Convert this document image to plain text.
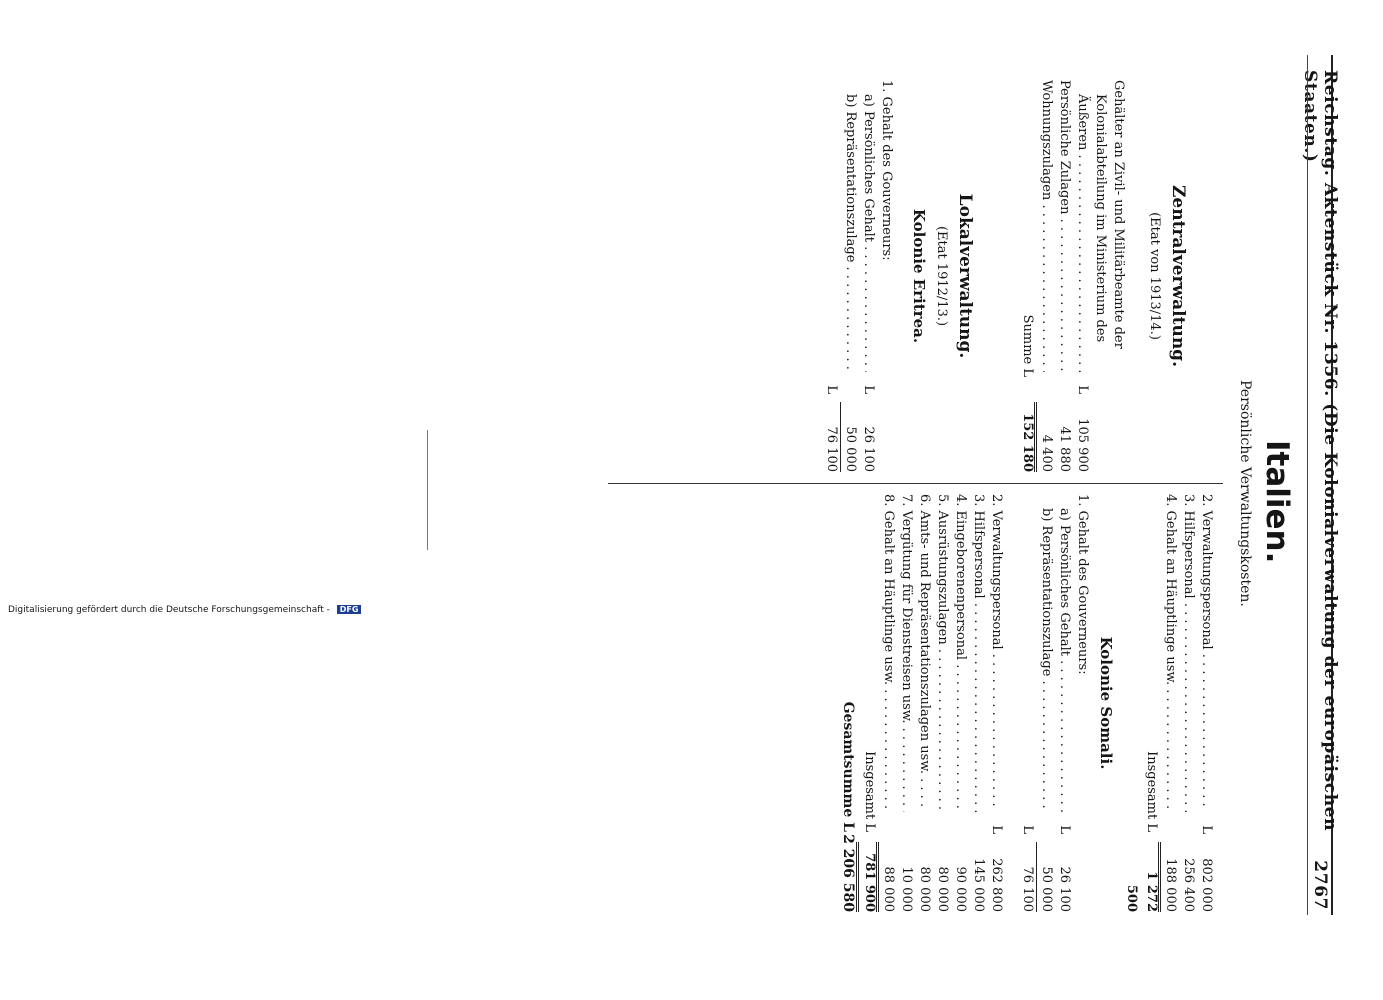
Reichstag. Aktenstück Nr. 1356. (Die Kolonialverwaltung der europäischen Staaten.)
2767
Italien.
Persönliche Verwaltungskosten.
Zentralverwaltung.
(Etat von 1913/14.)
Gehälter an Zivil- und Militärbeamte der
Kolonialabteilung im Ministerium des
Äußeren . . .
L
105 900
Persönliche Zulagen . . .
41 880
Wohnungszulagen . . .
4 400
Summe L
152 180
Lokalverwaltung.
(Etat 1912/13.)
Kolonie Eritrea.
1. Gehalt des Gouverneurs:
a) Persönliches Gehalt . . .
L
26 100
b) Repräsentationszulage . . .
50 000
L
76 100
2. Verwaltungspersonal . . .
L
802 000
3. Hilfspersonal . . .
256 400
4. Gehalt an Häuptlinge usw. . . .
188 000
Insgesamt L
1 272 500
Kolonie Somali.
1. Gehalt des Gouverneurs:
a) Persönliches Gehalt . . .
L
26 100
b) Repräsentationszulage . . .
50 000
L
76 100
2. Verwaltungspersonal . . .
L
262 800
3. Hilfspersonal . . .
145 000
4. Eingeborenenpersonal . . .
90 000
5. Ausrüstungszulagen . . .
80 000
6. Amts- und Repräsentationszulagen usw. . . .
80 000
7. Vergütung für Dienstreisen usw. . . .
10 000
8. Gehalt an Häuptlinge usw. . . .
88 000
Insgesamt L
781 900
Gesamtsumme L
2 206 580
Digitalisierung gefördert durch die Deutsche Forschungsgemeinschaft - DFG
